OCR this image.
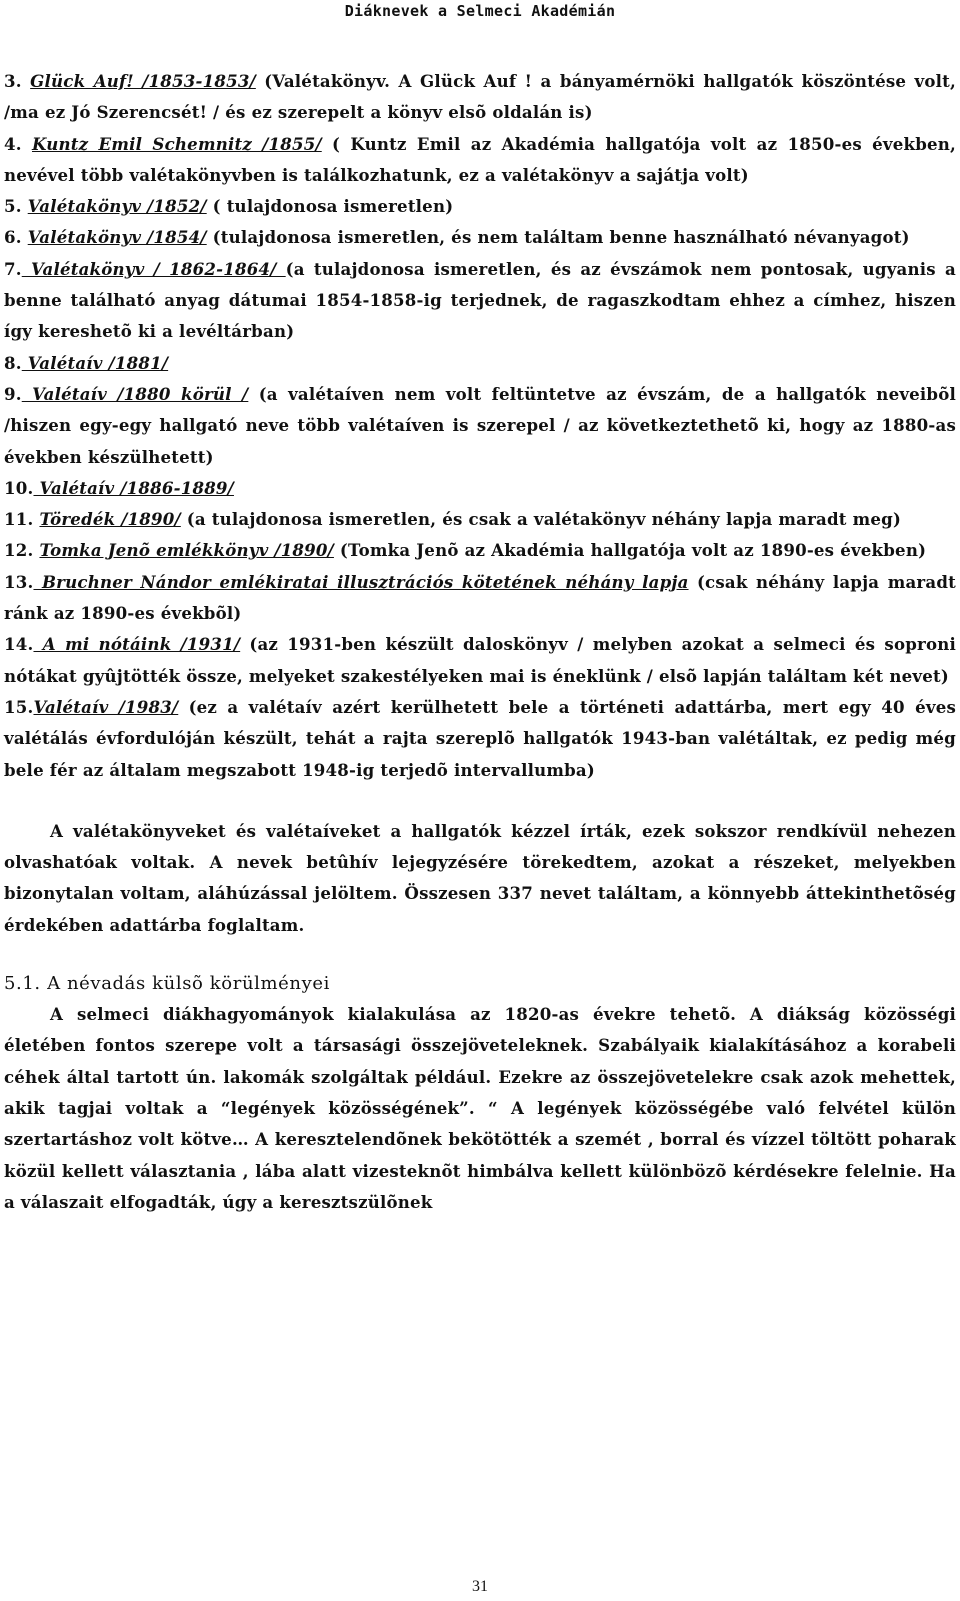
Diáknevek a Selmeci Akadémián

3. Glück Auf! /1853-1853/ (Valétakönyv. A Glück Auf ! a bányamérnöki hallgatók köszöntése volt, /ma ez Jó Szerencsét! / és ez szerepelt a könyv elsõ oldalán is)

4. Kuntz Emil Schemnitz /1855/ ( Kuntz Emil az Akadémia hallgatója volt az 1850-es években, nevével több valétakönyvben is találkozhatunk, ez a valétakönyv a sajátja volt)

5. Valétakönyv /1852/ ( tulajdonosa ismeretlen)

6. Valétakönyv /1854/ (tulajdonosa ismeretlen, és nem találtam benne használható névanyagot)

7. Valétakönyv / 1862-1864/ (a tulajdonosa ismeretlen, és az évszámok nem pontosak, ugyanis a benne található anyag dátumai 1854-1858-ig terjednek, de ragaszkodtam ehhez a címhez, hiszen így kereshetõ ki a levéltárban)

8. Valétaív /1881/

9. Valétaív /1880 körül / (a valétaíven nem volt feltüntetve az évszám, de a hallgatók neveibõl /hiszen egy-egy hallgató neve több valétaíven is szerepel / az következtethetõ ki, hogy az 1880-as években készülhetett)

10. Valétaív /1886-1889/

11. Töredék /1890/ (a tulajdonosa ismeretlen, és csak a valétakönyv néhány lapja maradt meg)

12. Tomka Jenõ emlékkönyv /1890/ (Tomka Jenõ az Akadémia hallgatója volt az 1890-es években)

13. Bruchner Nándor emlékiratai illusztrációs kötetének néhány lapja (csak néhány lapja maradt ránk az 1890-es évekbõl)

14. A mi nótáink /1931/ (az 1931-ben készült daloskönyv / melyben azokat a selmeci és soproni nótákat gyûjtötték össze, melyeket szakestélyeken mai is éneklünk / elsõ lapján találtam két nevet)

15.Valétaív /1983/ (ez a valétaív azért kerülhetett bele a történeti adattárba, mert egy 40 éves valétálás évfordulóján készült, tehát a rajta szereplõ hallgatók 1943-ban valétáltak, ez pedig még bele fér az általam megszabott 1948-ig terjedõ intervallumba)

A valétakönyveket és valétaíveket a hallgatók kézzel írták, ezek sokszor rendkívül nehezen olvashatóak voltak. A nevek betûhív lejegyzésére törekedtem, azokat a részeket, melyekben bizonytalan voltam, aláhúzással jelöltem. Összesen 337 nevet találtam, a könnyebb áttekinthetõség érdekében adattárba foglaltam.

5.1. A névadás külsõ körülményei

A selmeci diákhagyományok kialakulása az 1820-as évekre tehetõ. A diákság közösségi életében fontos szerepe volt a társasági összejöveteleknek. Szabályaik kialakításához a korabeli céhek által tartott ún. lakomák szolgáltak például. Ezekre az összejövetelekre csak azok mehettek, akik tagjai voltak a “legények közösségének”. “ A legények közösségébe való felvétel külön szertartáshoz volt kötve… A keresztelendõnek bekötötték a szemét , borral és vízzel töltött poharak közül kellett választania , lába alatt vizesteknõt himbálva kellett különbözõ kérdésekre felelnie. Ha a válaszait elfogadták, úgy a keresztszülõnek

31
